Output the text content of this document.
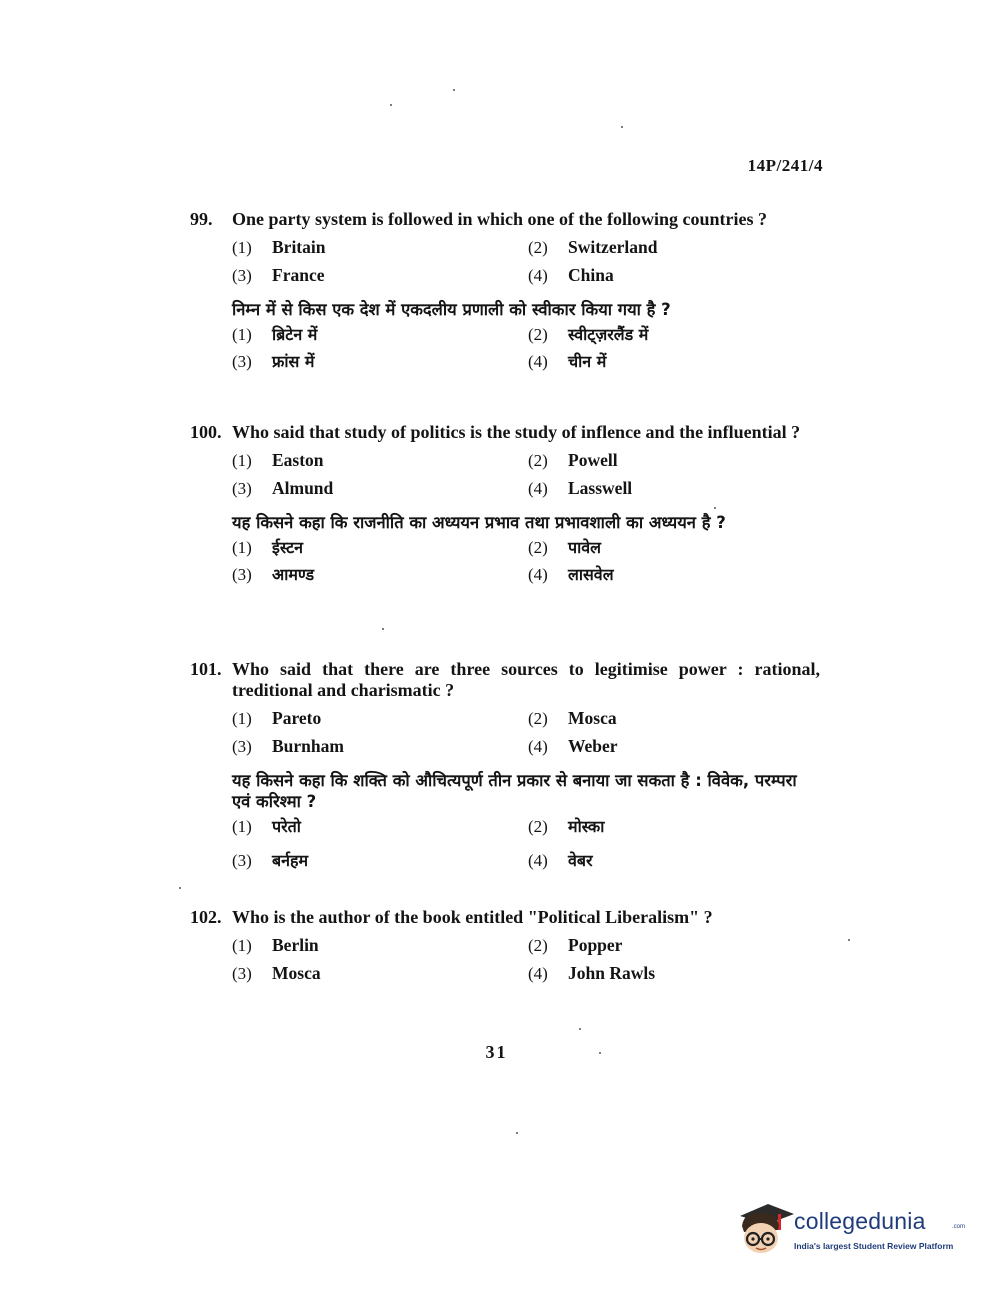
14P/241/4
99. One party system is followed in which one of the following countries ?
(1) Britain	(2) Switzerland
(3) France	(4) China
निम्न में से किस एक देश में एकदलीय प्रणाली को स्वीकार किया गया है ?
(1) ब्रिटेन में	(2) स्वीट्ज़रलैंड में
(3) फ्रांस में	(4) चीन में
100. Who said that study of politics is the study of inflence and the influential ?
(1) Easton	(2) Powell
(3) Almund	(4) Lasswell
यह किसने कहा कि राजनीति का अध्ययन प्रभाव तथा प्रभावशाली का अध्ययन है ?
(1) ईस्टन	(2) पावेल
(3) आमण्ड	(4) लासवेल
101. Who said that there are three sources to legitimise power : rational, treditional and charismatic ?
(1) Pareto	(2) Mosca
(3) Burnham	(4) Weber
यह किसने कहा कि शक्ति को औचित्यपूर्ण तीन प्रकार से बनाया जा सकता है : विवेक, परम्परा एवं करिश्मा ?
(1) परेतो	(2) मोस्का
(3) बर्नहम	(4) वेबर
102. Who is the author of the book entitled "Political Liberalism" ?
(1) Berlin	(2) Popper
(3) Mosca	(4) John Rawls
31
collegedunia	.com
India's largest Student Review Platform
